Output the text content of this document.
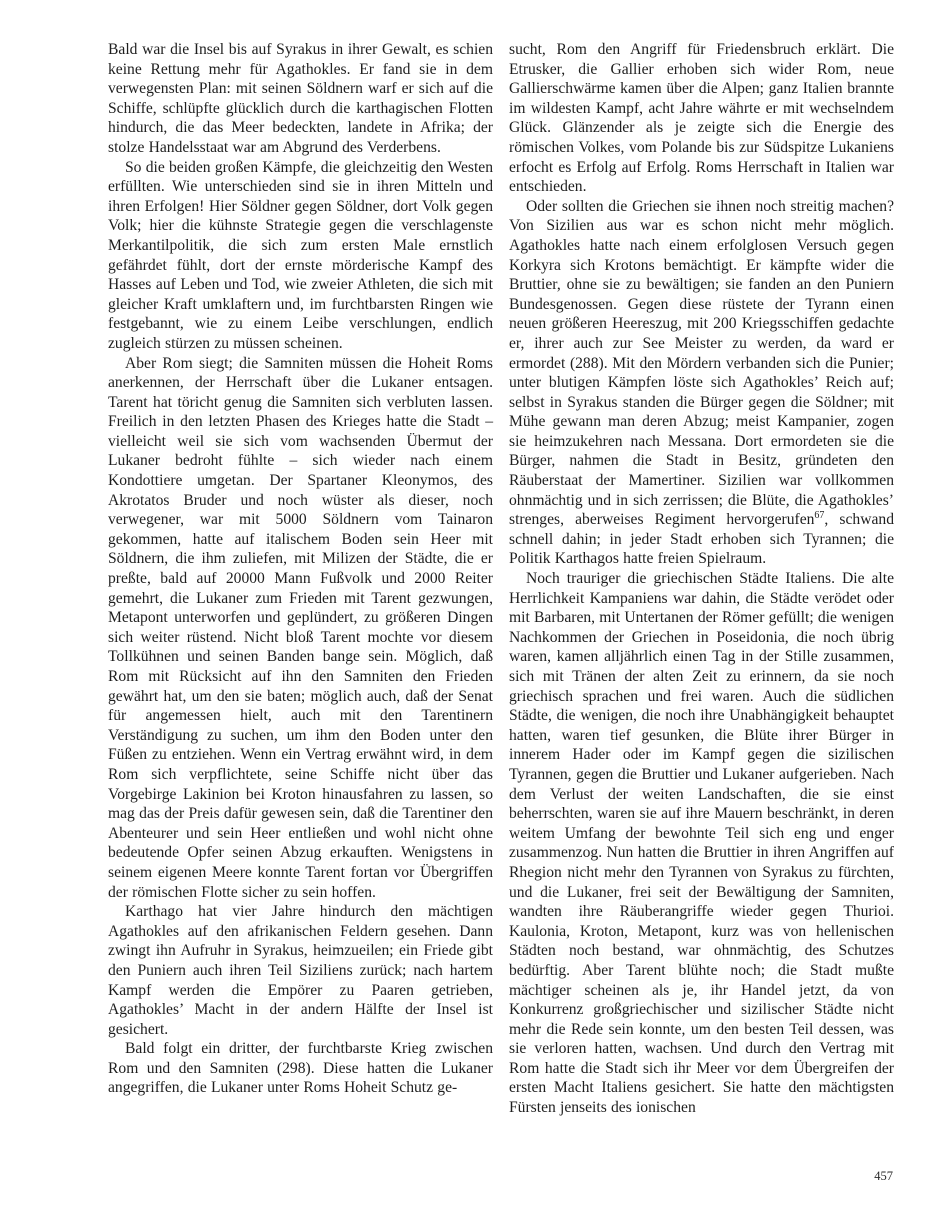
Bald war die Insel bis auf Syrakus in ihrer Gewalt, es schien keine Rettung mehr für Agathokles. Er fand sie in dem verwegensten Plan: mit seinen Söldnern warf er sich auf die Schiffe, schlüpfte glücklich durch die karthagischen Flotten hindurch, die das Meer bedeckten, landete in Afrika; der stolze Handelsstaat war am Abgrund des Verderbens.

So die beiden großen Kämpfe, die gleichzeitig den Westen erfüllten. Wie unterschieden sind sie in ihren Mitteln und ihren Erfolgen! Hier Söldner gegen Söldner, dort Volk gegen Volk; hier die kühnste Strategie gegen die verschlagenste Merkantilpolitik, die sich zum ersten Male ernstlich gefährdet fühlt, dort der ernste mörderische Kampf des Hasses auf Leben und Tod, wie zweier Athleten, die sich mit gleicher Kraft umklaftern und, im furchtbarsten Ringen wie festgebannt, wie zu einem Leibe verschlungen, endlich zugleich stürzen zu müssen scheinen.

Aber Rom siegt; die Samniten müssen die Hoheit Roms anerkennen, der Herrschaft über die Lukaner entsagen. Tarent hat töricht genug die Samniten sich verbluten lassen. Freilich in den letzten Phasen des Krieges hatte die Stadt – vielleicht weil sie sich vom wachsenden Übermut der Lukaner bedroht fühlte – sich wieder nach einem Kondottiere umgetan. Der Spartaner Kleonymos, des Akrotatos Bruder und noch wüster als dieser, noch verwegener, war mit 5000 Söldnern vom Tainaron gekommen, hatte auf italischem Boden sein Heer mit Söldnern, die ihm zuliefen, mit Milizen der Städte, die er preßte, bald auf 20000 Mann Fußvolk und 2000 Reiter gemehrt, die Lukaner zum Frieden mit Tarent gezwungen, Metapont unterworfen und geplündert, zu größeren Dingen sich weiter rüstend. Nicht bloß Tarent mochte vor diesem Tollkühnen und seinen Banden bange sein. Möglich, daß Rom mit Rücksicht auf ihn den Samniten den Frieden gewährt hat, um den sie baten; möglich auch, daß der Senat für angemessen hielt, auch mit den Tarentinern Verständigung zu suchen, um ihm den Boden unter den Füßen zu entziehen. Wenn ein Vertrag erwähnt wird, in dem Rom sich verpflichtete, seine Schiffe nicht über das Vorgebirge Lakinion bei Kroton hinausfahren zu lassen, so mag das der Preis dafür gewesen sein, daß die Tarentiner den Abenteurer und sein Heer entließen und wohl nicht ohne bedeutende Opfer seinen Abzug erkauften. Wenigstens in seinem eigenen Meere konnte Tarent fortan vor Übergriffen der römischen Flotte sicher zu sein hoffen.

Karthago hat vier Jahre hindurch den mächtigen Agathokles auf den afrikanischen Feldern gesehen. Dann zwingt ihn Aufruhr in Syrakus, heimzueilen; ein Friede gibt den Puniern auch ihren Teil Siziliens zurück; nach hartem Kampf werden die Empörer zu Paaren getrieben, Agathokles’ Macht in der andern Hälfte der Insel ist gesichert.

Bald folgt ein dritter, der furchtbarste Krieg zwischen Rom und den Samniten (298). Diese hatten die Lukaner angegriffen, die Lukaner unter Roms Hoheit Schutz ge-

sucht, Rom den Angriff für Friedensbruch erklärt. Die Etrusker, die Gallier erhoben sich wider Rom, neue Gallierschwärme kamen über die Alpen; ganz Italien brannte im wildesten Kampf, acht Jahre währte er mit wechselndem Glück. Glänzender als je zeigte sich die Energie des römischen Volkes, vom Polande bis zur Südspitze Lukaniens erfocht es Erfolg auf Erfolg. Roms Herrschaft in Italien war entschieden.

Oder sollten die Griechen sie ihnen noch streitig machen? Von Sizilien aus war es schon nicht mehr möglich. Agathokles hatte nach einem erfolglosen Versuch gegen Korkyra sich Krotons bemächtigt. Er kämpfte wider die Bruttier, ohne sie zu bewältigen; sie fanden an den Puniern Bundesgenossen. Gegen diese rüstete der Tyrann einen neuen größeren Heereszug, mit 200 Kriegsschiffen gedachte er, ihrer auch zur See Meister zu werden, da ward er ermordet (288). Mit den Mördern verbanden sich die Punier; unter blutigen Kämpfen löste sich Agathokles’ Reich auf; selbst in Syrakus standen die Bürger gegen die Söldner; mit Mühe gewann man deren Abzug; meist Kampanier, zogen sie heimzukehren nach Messana. Dort ermordeten sie die Bürger, nahmen die Stadt in Besitz, gründeten den Räuberstaat der Mamertiner. Sizilien war vollkommen ohnmächtig und in sich zerrissen; die Blüte, die Agathokles’ strenges, aberweises Regiment hervorgerufen$^{67}$, schwand schnell dahin; in jeder Stadt erhoben sich Tyrannen; die Politik Karthagos hatte freien Spielraum.

Noch trauriger die griechischen Städte Italiens. Die alte Herrlichkeit Kampaniens war dahin, die Städte verödet oder mit Barbaren, mit Untertanen der Römer gefüllt; die wenigen Nachkommen der Griechen in Poseidonia, die noch übrig waren, kamen alljährlich einen Tag in der Stille zusammen, sich mit Tränen der alten Zeit zu erinnern, da sie noch griechisch sprachen und frei waren. Auch die südlichen Städte, die wenigen, die noch ihre Unabhängigkeit behauptet hatten, waren tief gesunken, die Blüte ihrer Bürger in innerem Hader oder im Kampf gegen die sizilischen Tyrannen, gegen die Bruttier und Lukaner aufgerieben. Nach dem Verlust der weiten Landschaften, die sie einst beherrschten, waren sie auf ihre Mauern beschränkt, in deren weitem Umfang der bewohnte Teil sich eng und enger zusammenzog. Nun hatten die Bruttier in ihren Angriffen auf Rhegion nicht mehr den Tyrannen von Syrakus zu fürchten, und die Lukaner, frei seit der Bewältigung der Samniten, wandten ihre Räuberangriffe wieder gegen Thurioi. Kaulonia, Kroton, Metapont, kurz was von hellenischen Städten noch bestand, war ohnmächtig, des Schutzes bedürftig. Aber Tarent blühte noch; die Stadt mußte mächtiger scheinen als je, ihr Handel jetzt, da von Konkurrenz großgriechischer und sizilischer Städte nicht mehr die Rede sein konnte, um den besten Teil dessen, was sie verloren hatten, wachsen. Und durch den Vertrag mit Rom hatte die Stadt sich ihr Meer vor dem Übergreifen der ersten Macht Italiens gesichert. Sie hatte den mächtigsten Fürsten jenseits des ionischen

457
